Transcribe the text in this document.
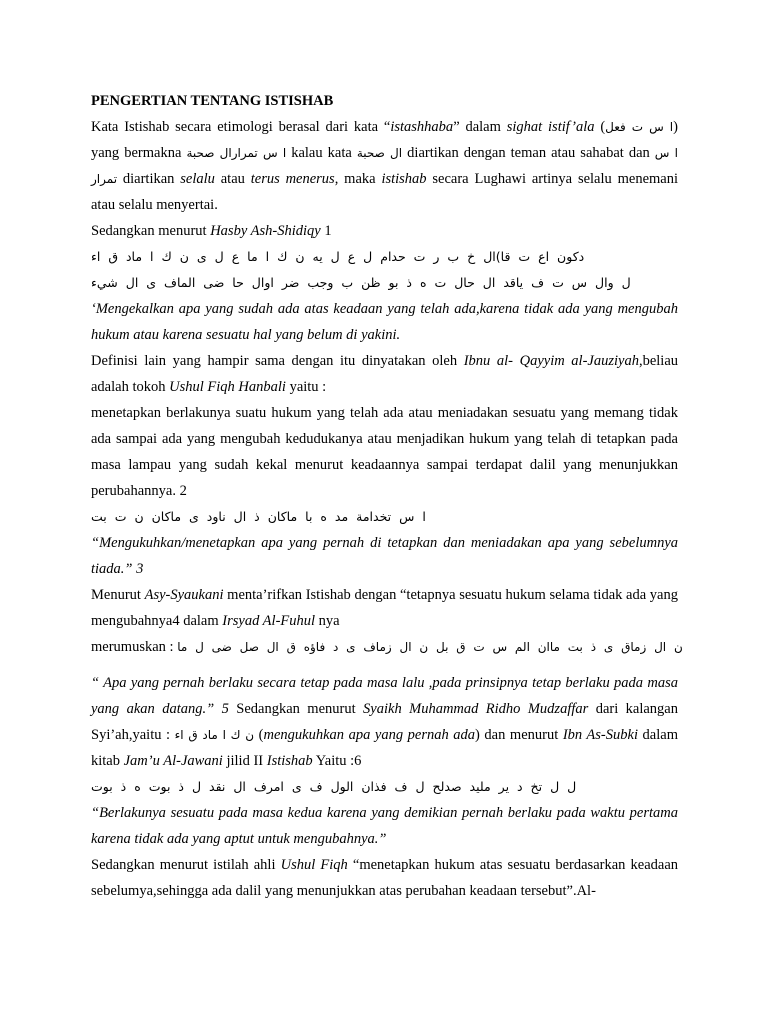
PENGERTIAN TENTANG ISTISHAB

Kata Istishab secara etimologi berasal dari kata “istashhaba” dalam sighat istif’ala (ا س ت فعل) yang bermakna ا س تمرارال صحبة kalau kata ال صحبة diartikan dengan teman atau sahabat dan ا س تمرار diartikan selalu atau terus menerus, maka istishab secara Lughawi artinya selalu menemani atau selalu menyertai.

Sedangkan menurut Hasby Ash-Shidiqy 1

دكون اع ت قا)ال خ ب ر ت حدام ل ع ل يه ن ك ا ما ع ل ى ن ك ا ماد ق اء

ل وال س ت ف ياقد ال حال ت ه ذ بو ظن ب وجب ضر اوال حا ضى الماف ى ال شيء

‘Mengekalkan apa yang sudah ada atas keadaan yang telah ada,karena tidak ada yang mengubah hukum atau karena sesuatu hal yang belum di yakini.

Definisi lain yang hampir sama dengan itu dinyatakan oleh Ibnu al- Qayyim al-Jauziyah,beliau adalah tokoh Ushul Fiqh Hanbali yaitu :

menetapkan berlakunya suatu hukum yang telah ada atau meniadakan sesuatu yang memang tidak ada sampai ada yang mengubah kedudukanya atau menjadikan hukum yang telah di tetapkan pada masa lampau yang sudah kekal menurut keadaannya sampai terdapat dalil yang menunjukkan perubahannya. 2

ا س تخدامة مد ه با ماكان ذ ال ناود ى ماكان ن ت بت

“Mengukuhkan/menetapkan apa yang pernah di tetapkan dan meniadakan apa yang sebelumnya tiada.” 3

Menurut Asy-Syaukani menta’rifkan Istishab dengan “tetapnya sesuatu hukum selama tidak ada yang mengubahnya4 dalam Irsyad Al-Fuhul nya

merumuskan : ن ال زماق ى ذ بت ماان الم س ت ق بل ن ال زماف ى د فاؤه ق ال صل ضى ل ما

“ Apa yang pernah berlaku secara tetap pada masa lalu ,pada prinsipnya tetap berlaku pada masa yang akan datang.” 5 Sedangkan menurut Syaikh Muhammad Ridho Mudzaffar dari kalangan Syi’ah,yaitu : ن ك ا ماد ق اء (mengukuhkan apa yang pernah ada) dan menurut Ibn As-Subki dalam kitab Jam’u Al-Jawani jilid II Istishab Yaitu :6

ل ل تخ د ير مليد صدلح ل ف فذان الول ف ى امرف ال نقد ل ذ بوت ه ذ بوت

“Berlakunya sesuatu pada masa kedua karena yang demikian pernah berlaku pada waktu pertama karena tidak ada yang aptut untuk mengubahnya.”

Sedangkan menurut istilah ahli Ushul Fiqh “menetapkan hukum atas sesuatu berdasarkan keadaan sebelumya,sehingga ada dalil yang menunjukkan atas perubahan keadaan tersebut”.Al-
